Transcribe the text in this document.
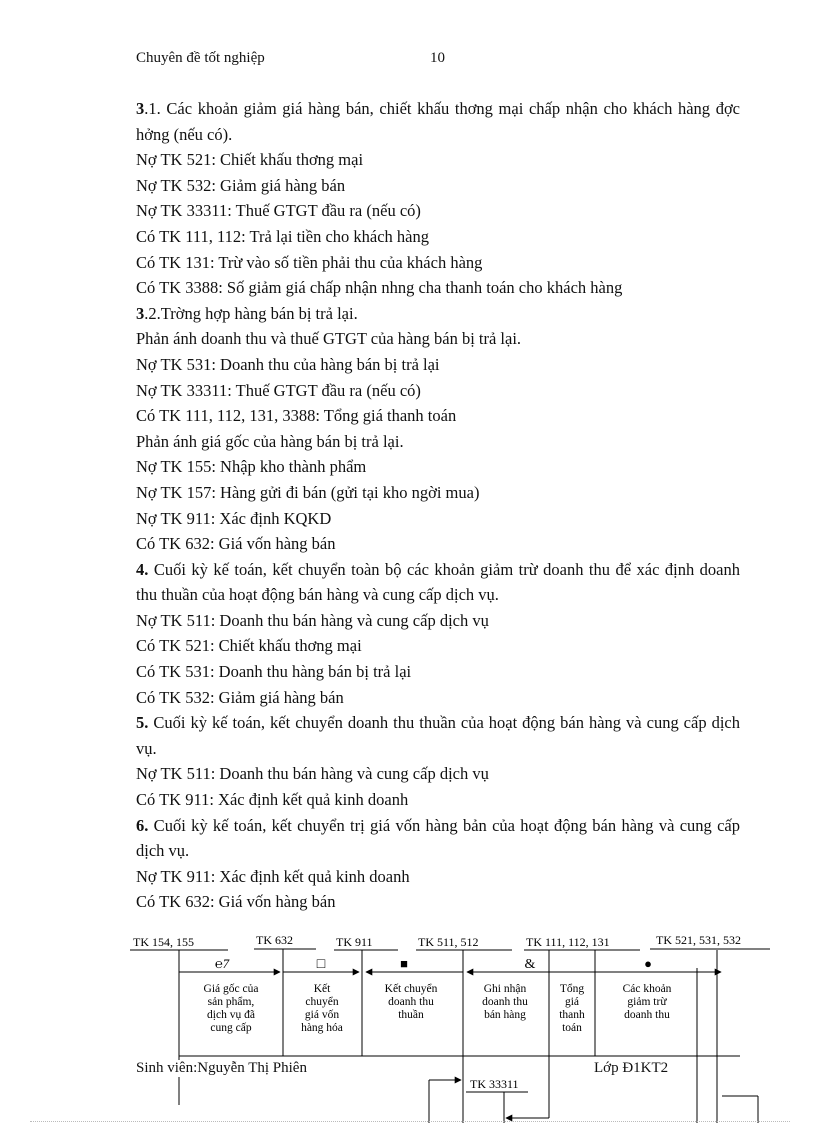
Chuyên đề tốt nghiệp	10
3.1. Các khoản giảm giá hàng bán, chiết khấu thơng mại chấp nhận cho khách hàng đợc hởng (nếu có).
Nợ TK 521: Chiết khấu thơng mại
Nợ TK 532: Giảm giá hàng bán
Nợ TK 33311: Thuế GTGT đầu ra (nếu có)
Có TK 111, 112: Trả lại tiền cho khách hàng
Có TK 131: Trừ vào số tiền phải thu của khách hàng
Có TK 3388: Số giảm giá chấp nhận nhng cha thanh toán cho khách hàng
3.2.Trờng hợp hàng bán bị trả lại.
Phản ánh doanh thu và thuế GTGT của hàng bán bị trả lại.
Nợ TK 531: Doanh thu của hàng bán bị trả lại
Nợ TK 33311: Thuế GTGT đầu ra (nếu có)
Có TK 111, 112, 131, 3388: Tổng giá thanh toán
Phản ánh giá gốc của hàng bán bị trả lại.
Nợ TK 155: Nhập kho thành phẩm
Nợ TK 157: Hàng gửi đi bán (gửi tại kho ngời mua)
Nợ TK 911: Xác định KQKD
Có TK 632: Giá vốn hàng bán
4. Cuối kỳ kế toán, kết chuyển toàn bộ các khoản giảm trừ doanh thu để xác định doanh thu thuần của hoạt động bán hàng và cung cấp dịch vụ.
Nợ TK 511: Doanh thu bán hàng và cung cấp dịch vụ
Có TK 521: Chiết khấu thơng mại
Có TK 531: Doanh thu hàng bán bị trả lại
Có TK 532: Giảm giá hàng bán
5. Cuối kỳ kế toán, kết chuyển doanh thu thuần của hoạt động bán hàng và cung cấp dịch vụ.
Nợ TK 511: Doanh thu bán hàng và cung cấp dịch vụ
Có TK 911: Xác định kết quả kinh doanh
6. Cuối kỳ kế toán, kết chuyển trị giá vốn hàng bản của hoạt động bán hàng và cung cấp dịch vụ.
Nợ TK 911: Xác định kết quả kinh doanh
Có TK 632: Giá vốn hàng bán
TK 154, 155	TK 632	TK 911	TK 511, 512	TK 111, 112, 131	TK 521, 531, 532
℮7	□	■	&	●
Giá gốc của
sản phẩm,
dịch vụ đã
cung cấp
Kết
chuyển
giá vốn
hàng hóa
Kết chuyển
doanh thu
thuần
Ghi nhận
doanh thu
bán hàng
Tổng
giá
thanh
toán
Các khoản
giảm trừ
doanh thu
TK 33311
Sinh viên:Nguyễn Thị Phiên	Lớp Đ1KT2
